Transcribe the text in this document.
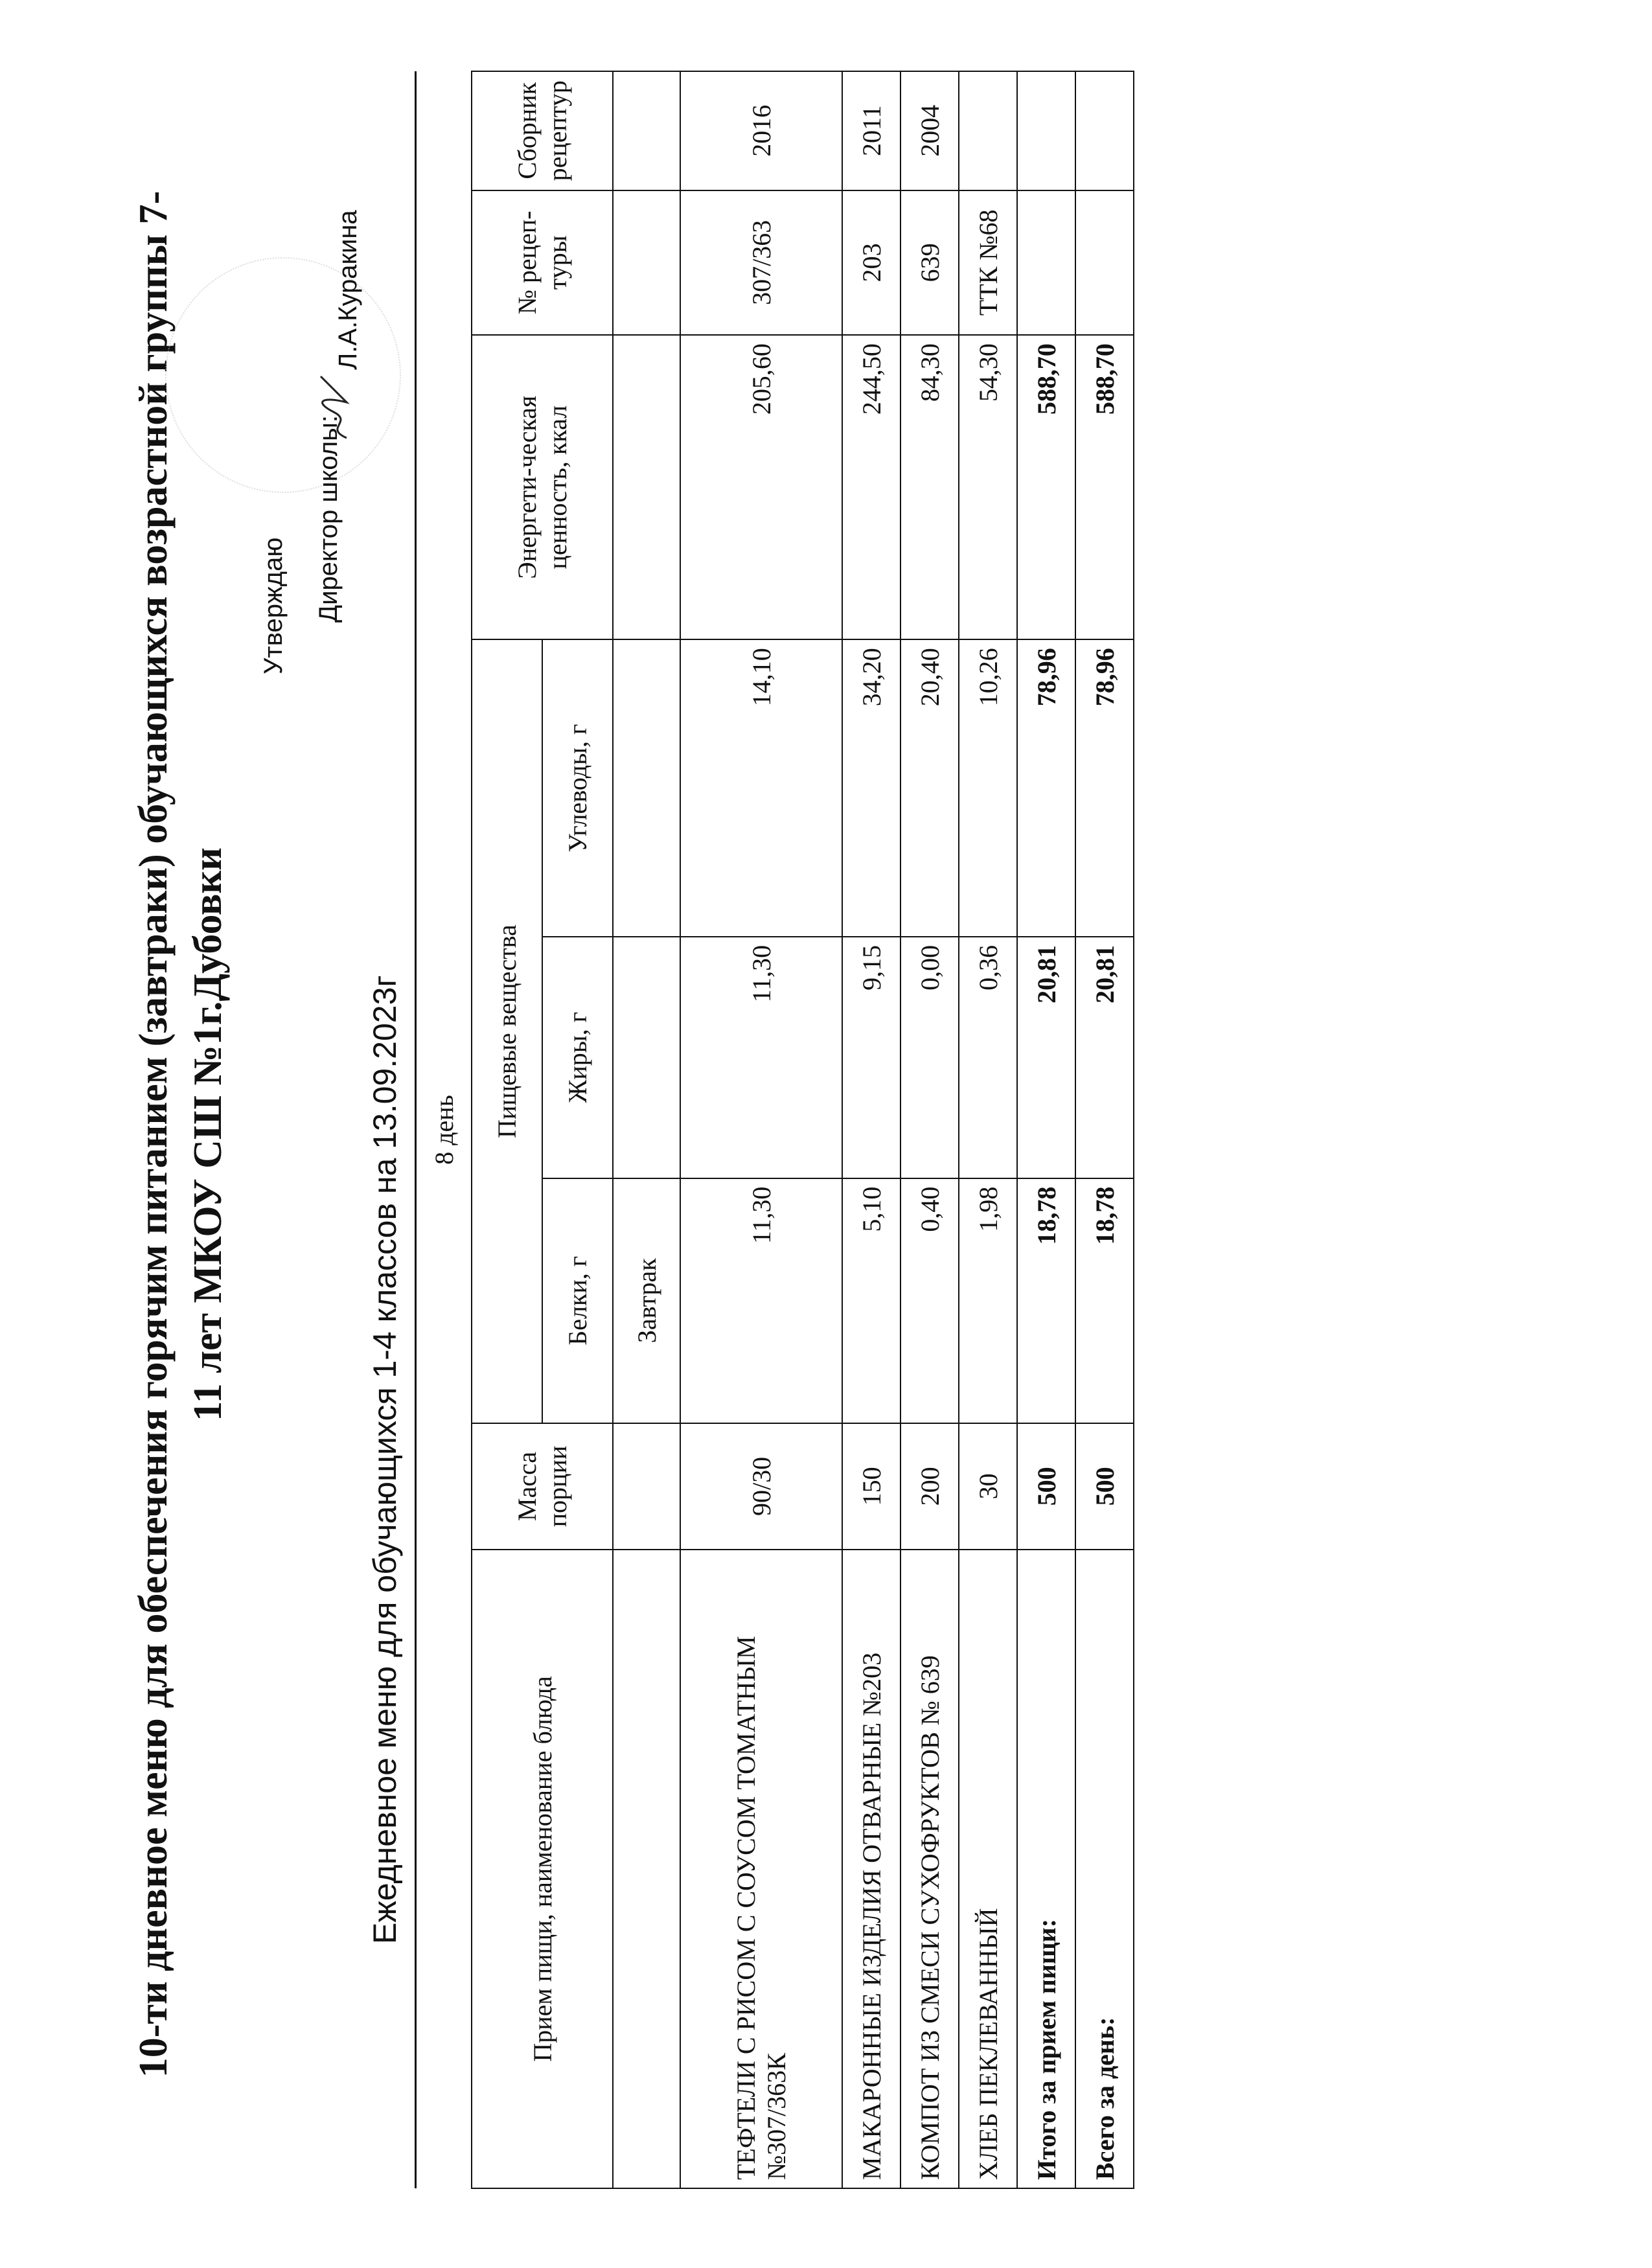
10-ти дневное меню для обеспечения горячим питанием (завтраки) обучающихся возрастной группы 7- 11 лет МКОУ СШ №1г.Дубовки
Утверждаю Директор школы:
Л.А.Куракина
Ежедневное меню для обучающихся 1-4 классов на 13.09.2023г 8 день							
Прием пищи, наименование блюда	Масса порции	Пищевые вещества			Энергети-ческая ценность, ккал	№ рецеп-туры	Сборник рецептур
		Белки, г	Жиры, г	Углеводы, г			
		Завтрак					
ТЕФТЕЛИ С РИСОМ С СОУСОМ ТОМАТНЫМ №307/363К	90/30	11,30	11,30	14,10	205,60	307/363	2016
МАКАРОННЫЕ ИЗДЕЛИЯ ОТВАРНЫЕ №203	150	5,10	9,15	34,20	244,50	203	2011
КОМПОТ ИЗ СМЕСИ СУХОФРУКТОВ № 639	200	0,40	0,00	20,40	84,30	639	2004
ХЛЕБ ПЕКЛЕВАННЫЙ	30	1,98	0,36	10,26	54,30	ТТК №68	
Итого за прием пищи:	500	18,78	20,81	78,96	588,70		
Всего за день:	500	18,78	20,81	78,96	588,70		
